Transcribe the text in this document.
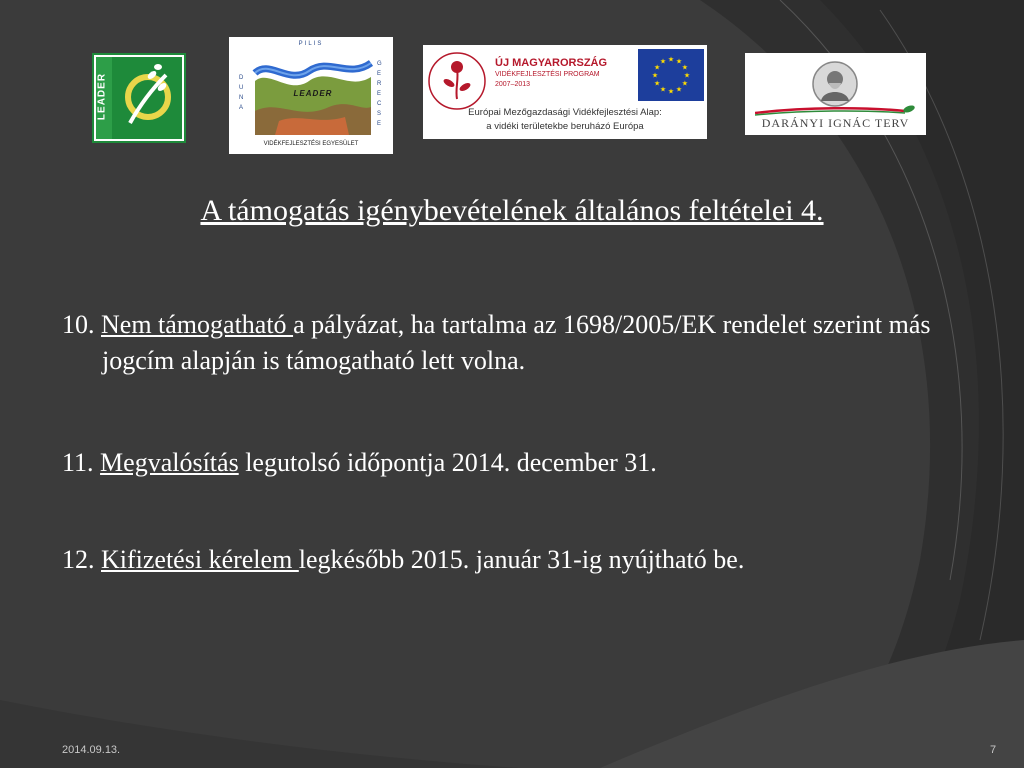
LEADER
PILIS
LEADER
DUNA
GERECSE
VIDÉKFEJLESZTÉSI EGYESÜLET
ÚJ MAGYARORSZÁG
VIDÉKFEJLESZTÉSI PROGRAM
2007–2013
★
★
★
★
★
★
★
★
★ ★ ★
★
Európai Mezőgazdasági Vidékfejlesztési Alap:
a vidéki területekbe beruházó Európa	DARÁNYI IGNÁC TERV
A támogatás igénybevételének általános feltételei 4.
10. Nem támogatható a pályázat, ha tartalma az 1698/2005/EK rendelet szerint más jogcím alapján is támogatható lett volna.
11. Megvalósítás legutolsó időpontja 2014. december 31.
12. Kifizetési kérelem legkésőbb 2015. január 31-ig nyújtható be.
2014.09.13.	7
